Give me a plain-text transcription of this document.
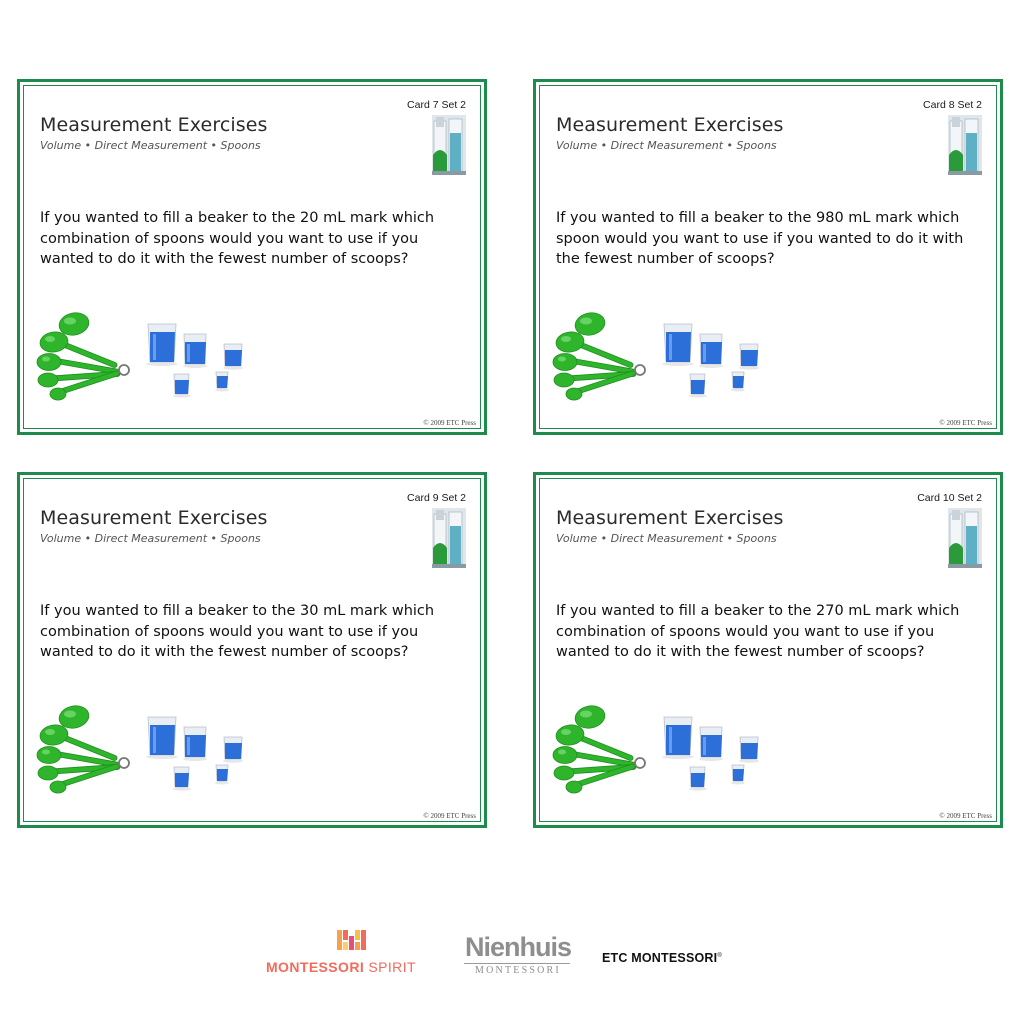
Measurement Exercises
Volume • Direct Measurement • Spoons
Card 7 Set 2
If you wanted to fill a beaker to the 20 mL mark which combination of spoons would you want to use if you wanted to do it with the fewest number of scoops?
© 2009 ETC Press
Measurement Exercises
Volume • Direct Measurement • Spoons
Card 8 Set 2
If you wanted to fill a beaker to the 980 mL mark which spoon would you want to use if you wanted to do it with the fewest number of scoops?
© 2009 ETC Press
Measurement Exercises
Volume • Direct Measurement • Spoons
Card 9 Set 2
If you wanted to fill a beaker to the 30 mL mark which combination of spoons would you want to use if you wanted to do it with the fewest number of scoops?
© 2009 ETC Press
Measurement Exercises
Volume • Direct Measurement • Spoons
Card 10 Set 2
If you wanted to fill a beaker to the 270 mL mark which combination of spoons would you want to use if you wanted to do it with the fewest number of scoops?
© 2009 ETC Press
MONTESSORI SPIRIT
Nienhuis
MONTESSORI
ETC MONTESSORI®
